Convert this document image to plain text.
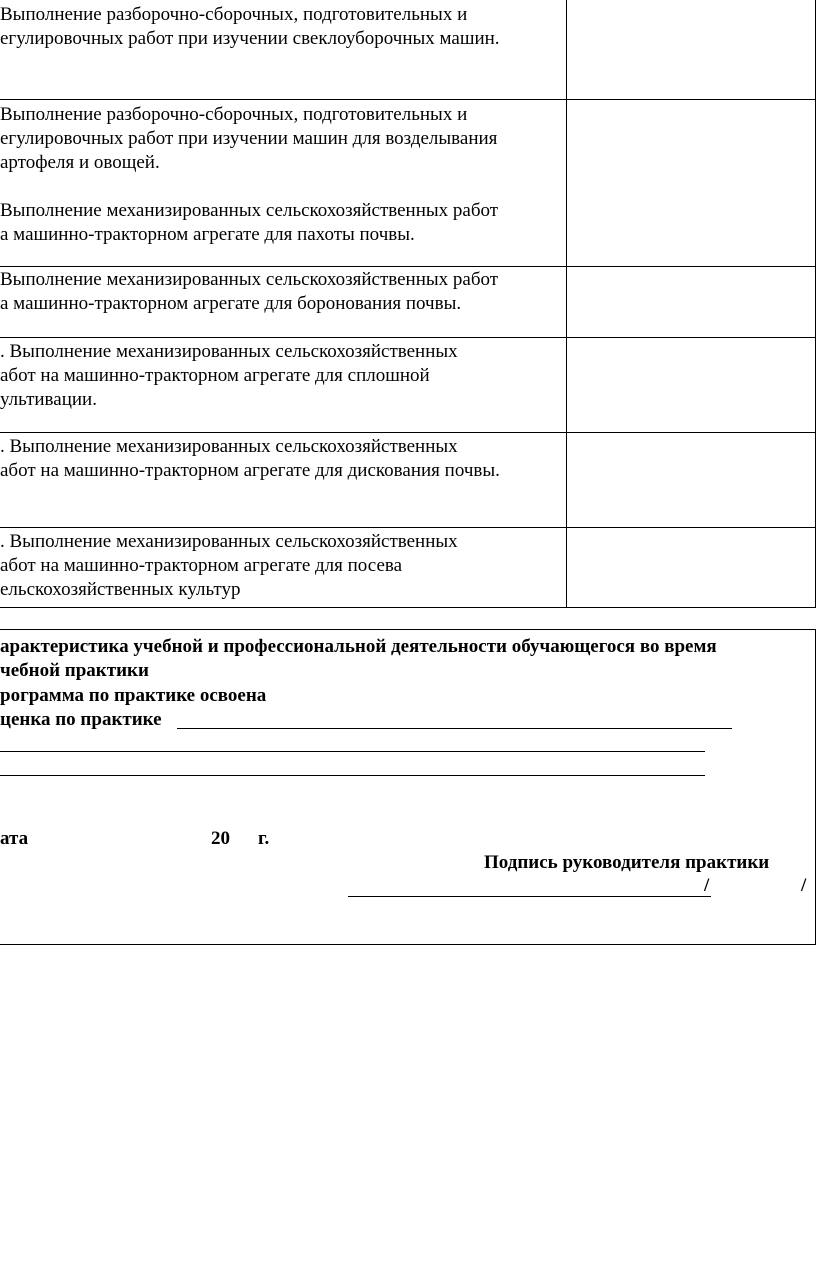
Выполнение разборочно-сборочных, подготовительных и
егулировочных работ при изучении свеклоуборочных машин.
Выполнение разборочно-сборочных, подготовительных и
егулировочных работ при изучении машин для возделывания
артофеля и овощей.
Выполнение механизированных сельскохозяйственных работ
а машинно-тракторном агрегате для пахоты почвы.
Выполнение механизированных сельскохозяйственных работ
а машинно-тракторном агрегате для боронования почвы.
. Выполнение механизированных сельскохозяйственных
абот на машинно-тракторном агрегате для сплошной
ультивации.
. Выполнение механизированных сельскохозяйственных
абот на машинно-тракторном агрегате для дискования почвы.
. Выполнение механизированных сельскохозяйственных
абот на машинно-тракторном агрегате для посева
ельскохозяйственных культур
арактеристика учебной и профессиональной деятельности обучающегося во время
чебной практики
рограмма по практике освоена
ценка по практике
ата	20 г.
Подпись руководителя практики
/	/
